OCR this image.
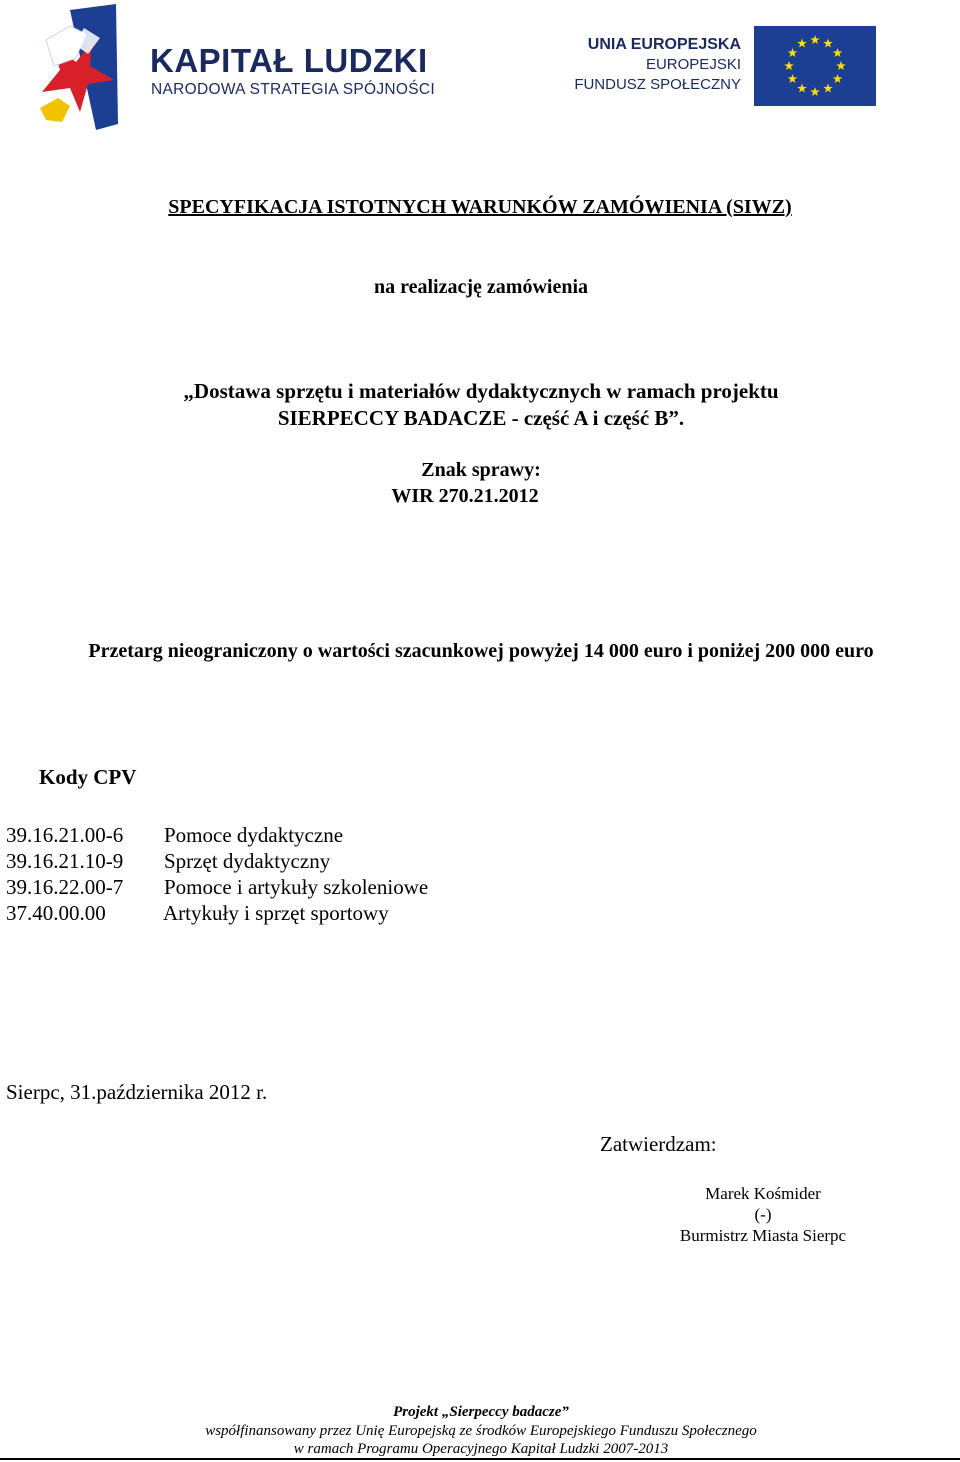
KAPITAŁ LUDZKI
NARODOWA STRATEGIA SPÓJNOŚCI
UNIA EUROPEJSKA
EUROPEJSKI
FUNDUSZ SPOŁECZNY
SPECYFIKACJA ISTOTNYCH WARUNKÓW ZAMÓWIENIA (SIWZ)
na realizację zamówienia
„Dostawa sprzętu i materiałów dydaktycznych w ramach projektu
SIERPECCY BADACZE - część A i część B”.
Znak sprawy:
WIR 270.21.2012
Przetarg nieograniczony o wartości szacunkowej powyżej 14 000 euro i poniżej 200 000 euro
Kody CPV
39.16.21.00-6 Pomoce dydaktyczne
39.16.21.10-9 Sprzęt dydaktyczny
39.16.22.00-7 Pomoce i artykuły szkoleniowe
37.40.00.00	Artykuły i sprzęt sportowy
Sierpc, 31.października 2012 r.
Zatwierdzam:
Marek Kośmider
(-)
Burmistrz Miasta Sierpc
Projekt „Sierpeccy badacze”
współfinansowany przez Unię Europejską ze środków Europejskiego Funduszu Społecznego
w ramach Programu Operacyjnego Kapitał Ludzki 2007-2013
